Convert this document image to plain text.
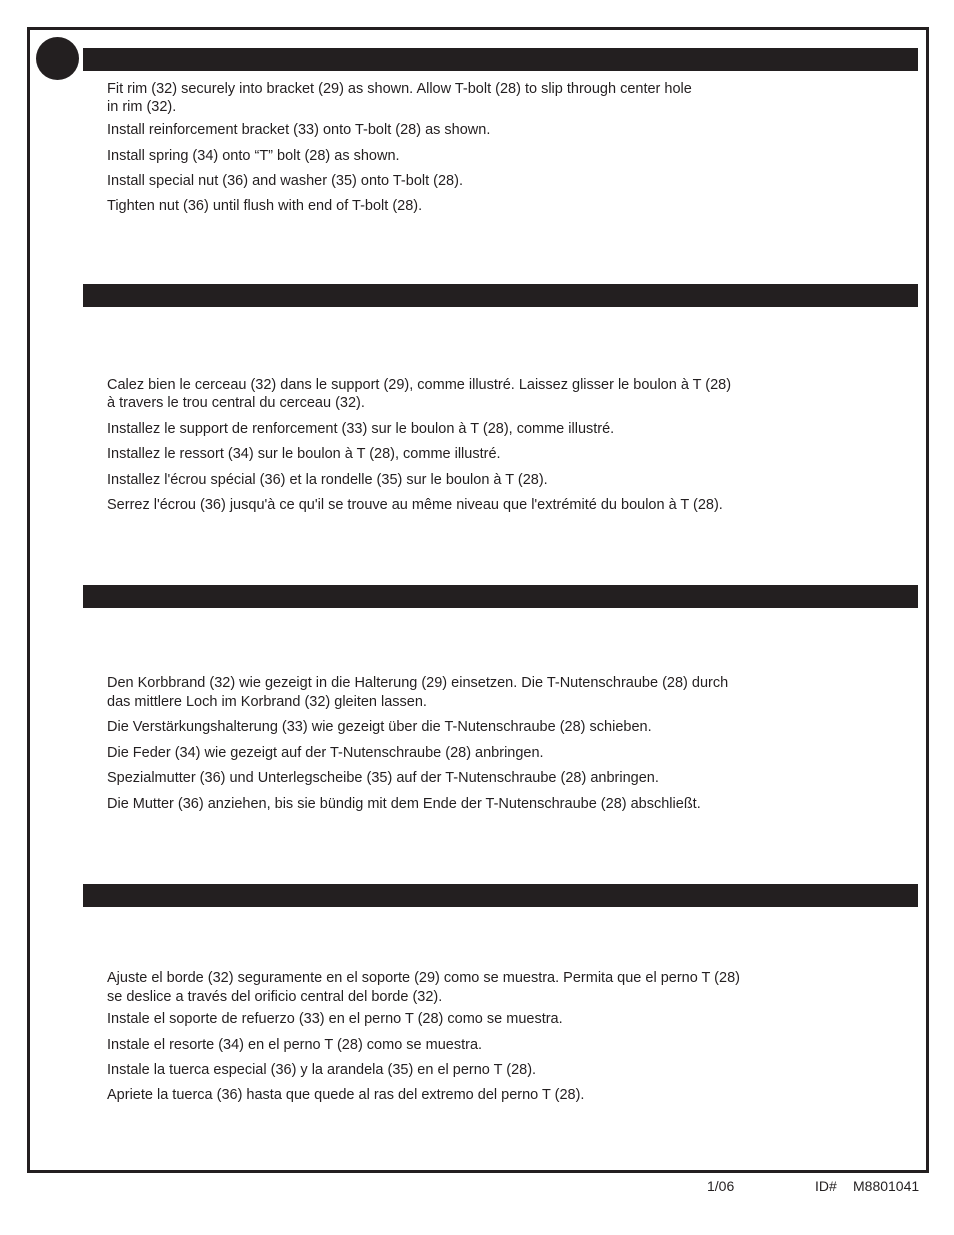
Fit rim (32) securely into bracket (29) as shown. Allow T-bolt (28) to slip through center hole
in rim (32).
Install reinforcement bracket (33) onto T-bolt (28) as shown.
Install spring (34) onto “T” bolt (28) as shown.
Install special nut (36) and washer (35) onto T-bolt (28).
Tighten nut (36) until flush with end of T-bolt (28).
Calez bien le cerceau (32) dans le support (29), comme illustré. Laissez glisser le boulon à T (28)
à travers le trou central du cerceau (32).
Installez le support de renforcement (33) sur le boulon à T (28), comme illustré.
Installez le ressort (34) sur le boulon à T (28), comme illustré.
Installez l'écrou spécial (36) et la rondelle (35) sur le boulon à T (28).
Serrez l'écrou (36) jusqu'à ce qu'il se trouve au même niveau que l'extrémité du boulon à T (28).
Den Korbbrand (32) wie gezeigt in die Halterung (29) einsetzen. Die T-Nutenschraube (28) durch
das mittlere Loch im Korbrand (32) gleiten lassen.
Die Verstärkungshalterung (33) wie gezeigt über die T-Nutenschraube (28) schieben.
Die Feder (34) wie gezeigt auf der T-Nutenschraube (28) anbringen.
Spezialmutter (36) und Unterlegscheibe (35) auf der T-Nutenschraube (28) anbringen.
Die Mutter (36) anziehen, bis sie bündig mit dem Ende der T-Nutenschraube (28) abschließt.
Ajuste el borde (32) seguramente en el soporte (29) como se muestra. Permita que el perno T (28)
se deslice a través del orificio central del borde (32).
Instale el soporte de refuerzo (33) en el perno T (28) como se muestra.
Instale el resorte (34) en el perno T (28) como se muestra.
Instale la tuerca especial (36) y la arandela (35) en el perno T (28).
Apriete la tuerca (36) hasta que quede al ras del extremo del perno T (28).
1/06	ID# M8801041
